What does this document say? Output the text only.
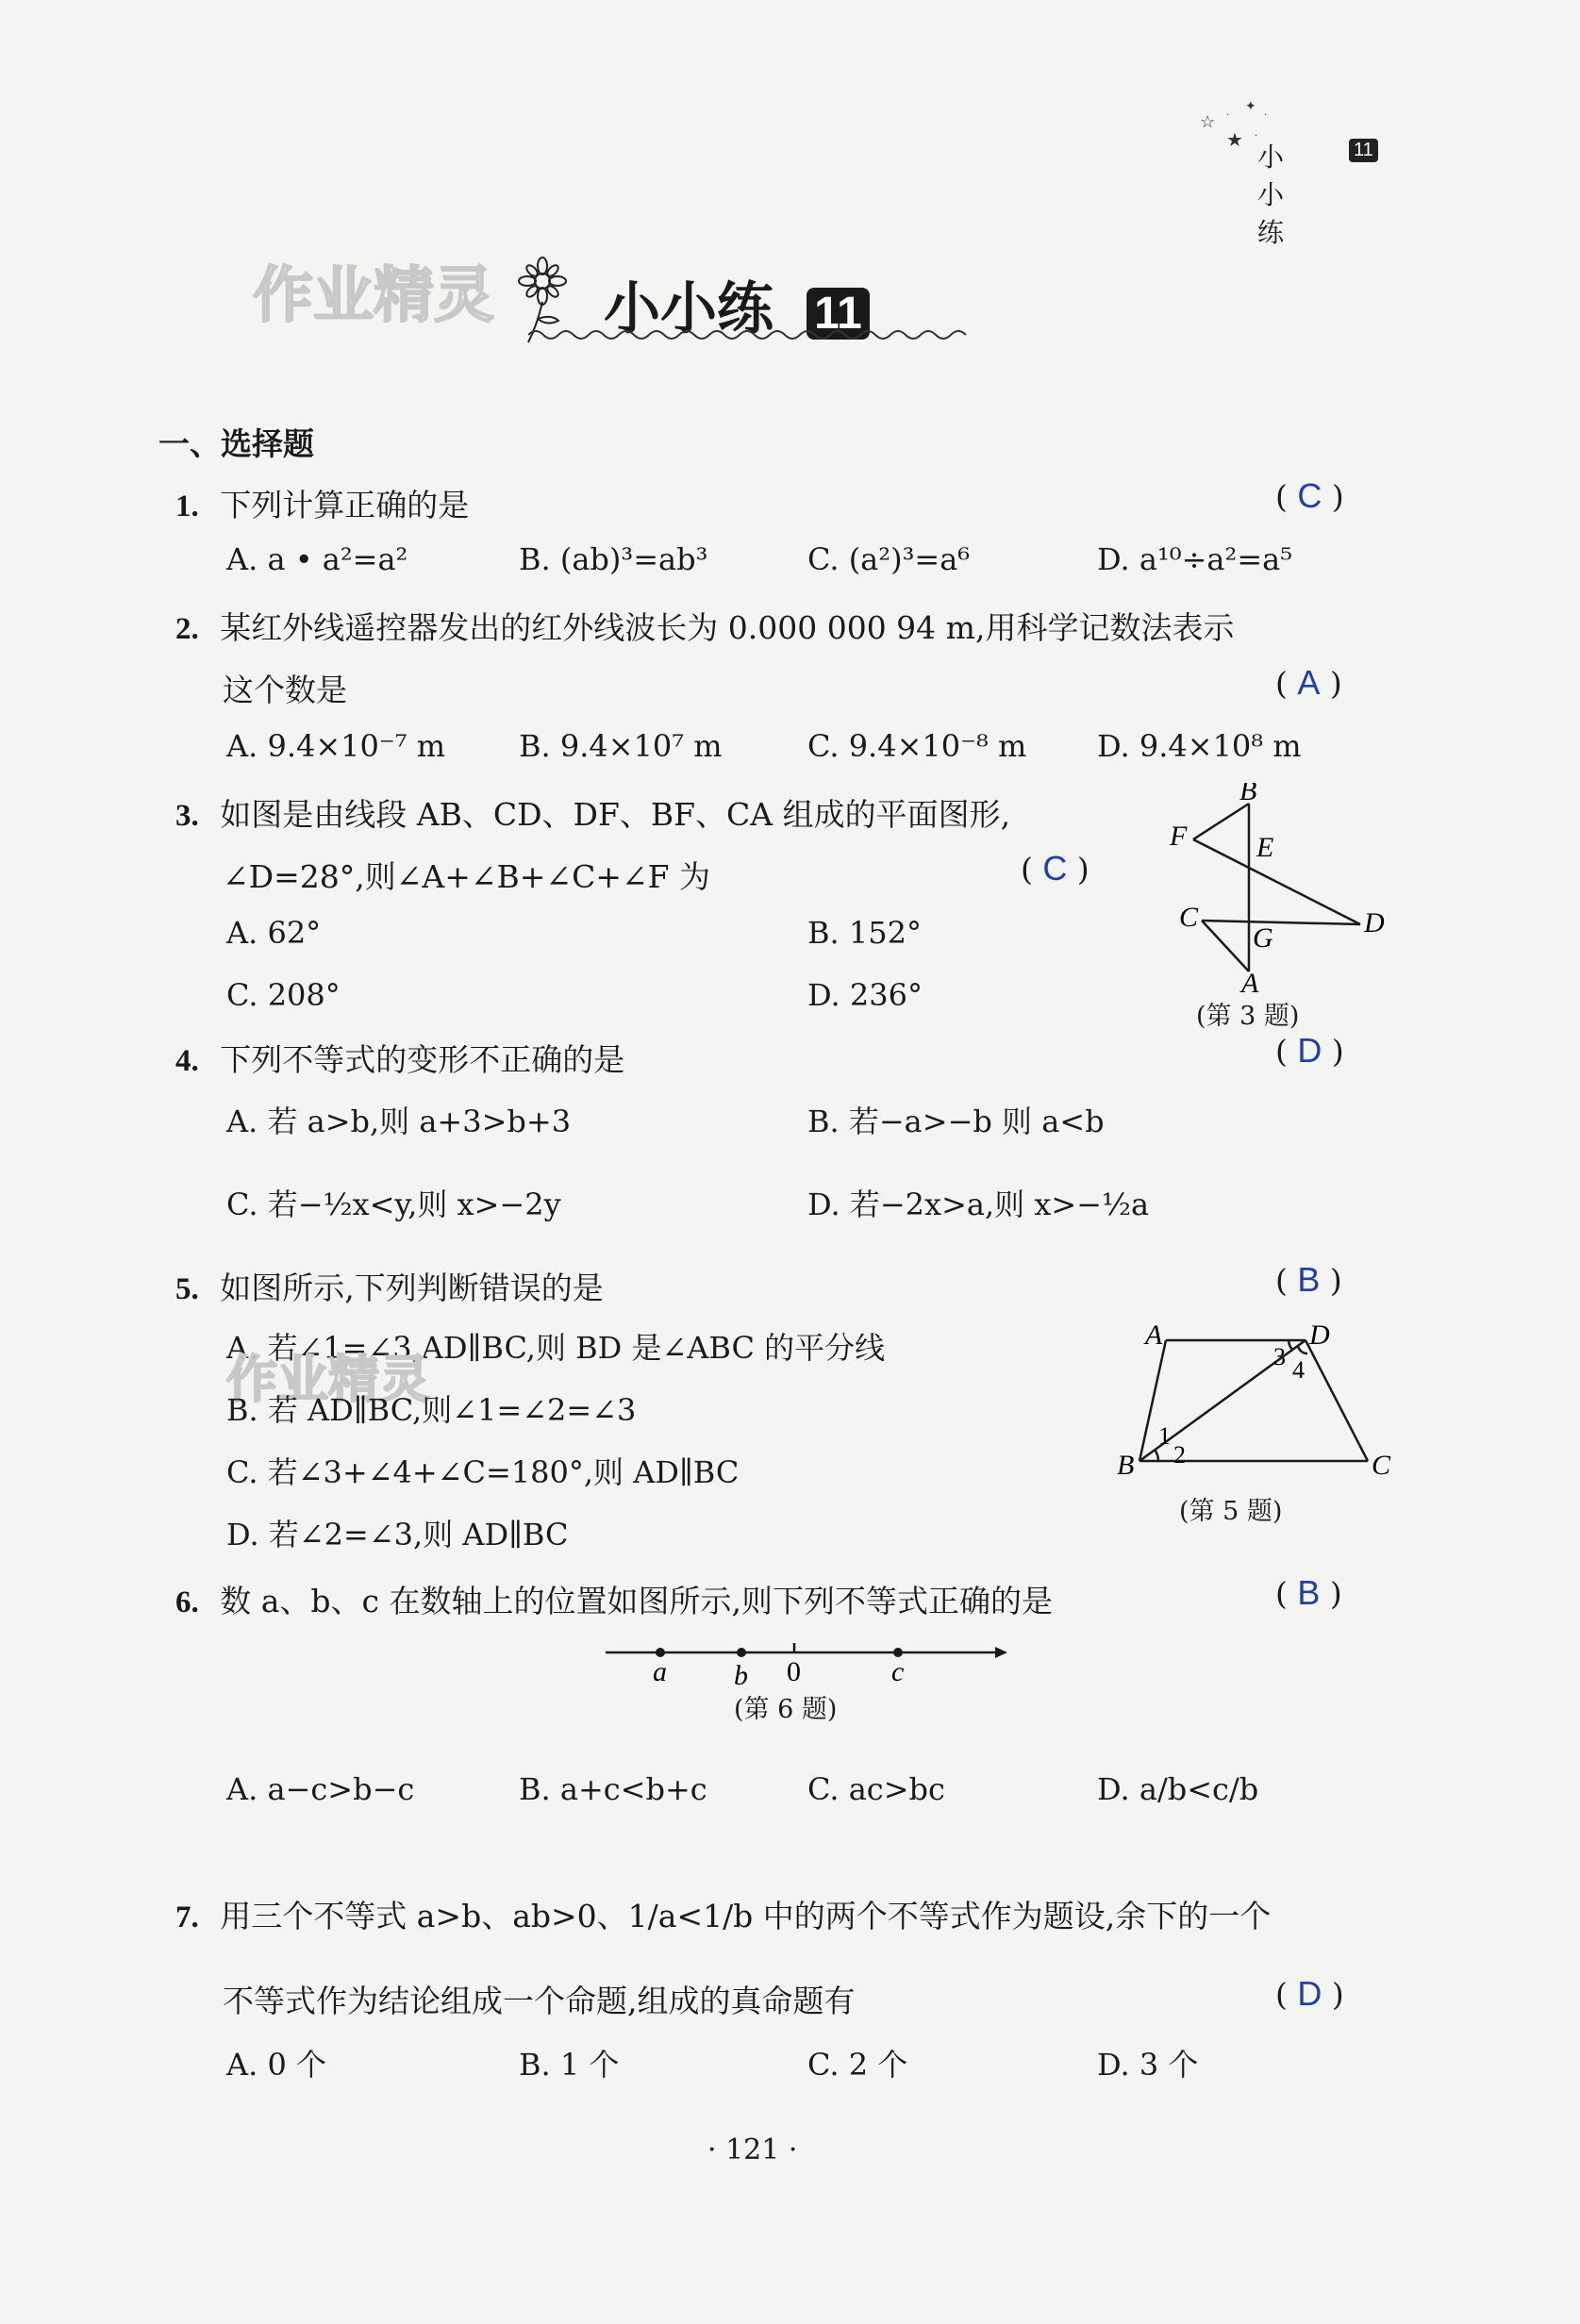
☆ ·
✦
·
★ ·
小小练
11
作业精灵 小小练 11
一、选择题
1. 下列计算正确的是	( C )
A. a • a²=a²	B. (ab)³=ab³	C. (a²)³=a⁶	D. a¹⁰÷a²=a⁵
2. 某红外线遥控器发出的红外线波长为 0.000 000 94 m,用科学记数法表示
这个数是	( A )
A. 9.4×10⁻⁷ m B. 9.4×10⁷ m	C. 9.4×10⁻⁸ m D. 9.4×10⁸ m
3. 如图是由线段 AB、CD、DF、BF、CA 组成的平面图形,
∠D=28°,则∠A+∠B+∠C+∠F 为	( C )
A. 62°	B. 152°
C. 208°	D. 236°
B
F E
C
G	D
A
(第 3 题)
4. 下列不等式的变形不正确的是	( D )
A. 若 a>b,则 a+3>b+3	B. 若−a>−b 则 a<b
C. 若−½x<y,则 x>−2y	D. 若−2x>a,则 x>−½a
5. 如图所示,下列判断错误的是	( B )
A. 若∠1=∠3,AD∥BC,则 BD 是∠ABC 的平分线
作业精灵
B. 若 AD∥BC,则∠1=∠2=∠3
C. 若∠3+∠4+∠C=180°,则 AD∥BC
D. 若∠2=∠3,则 AD∥BC
A	D
B	C
1
2
3 4
(第 5 题)
6. 数 a、b、c 在数轴上的位置如图所示,则下列不等式正确的是	( B )
a b 0	c
(第 6 题)
A. a−c>b−c	B. a+c<b+c	C. ac>bc	D. a/b<c/b
7. 用三个不等式 a>b、ab>0、1/a<1/b 中的两个不等式作为题设,余下的一个
不等式作为结论组成一个命题,组成的真命题有	( D )
A. 0 个	B. 1 个	C. 2 个	D. 3 个
· 121 ·
